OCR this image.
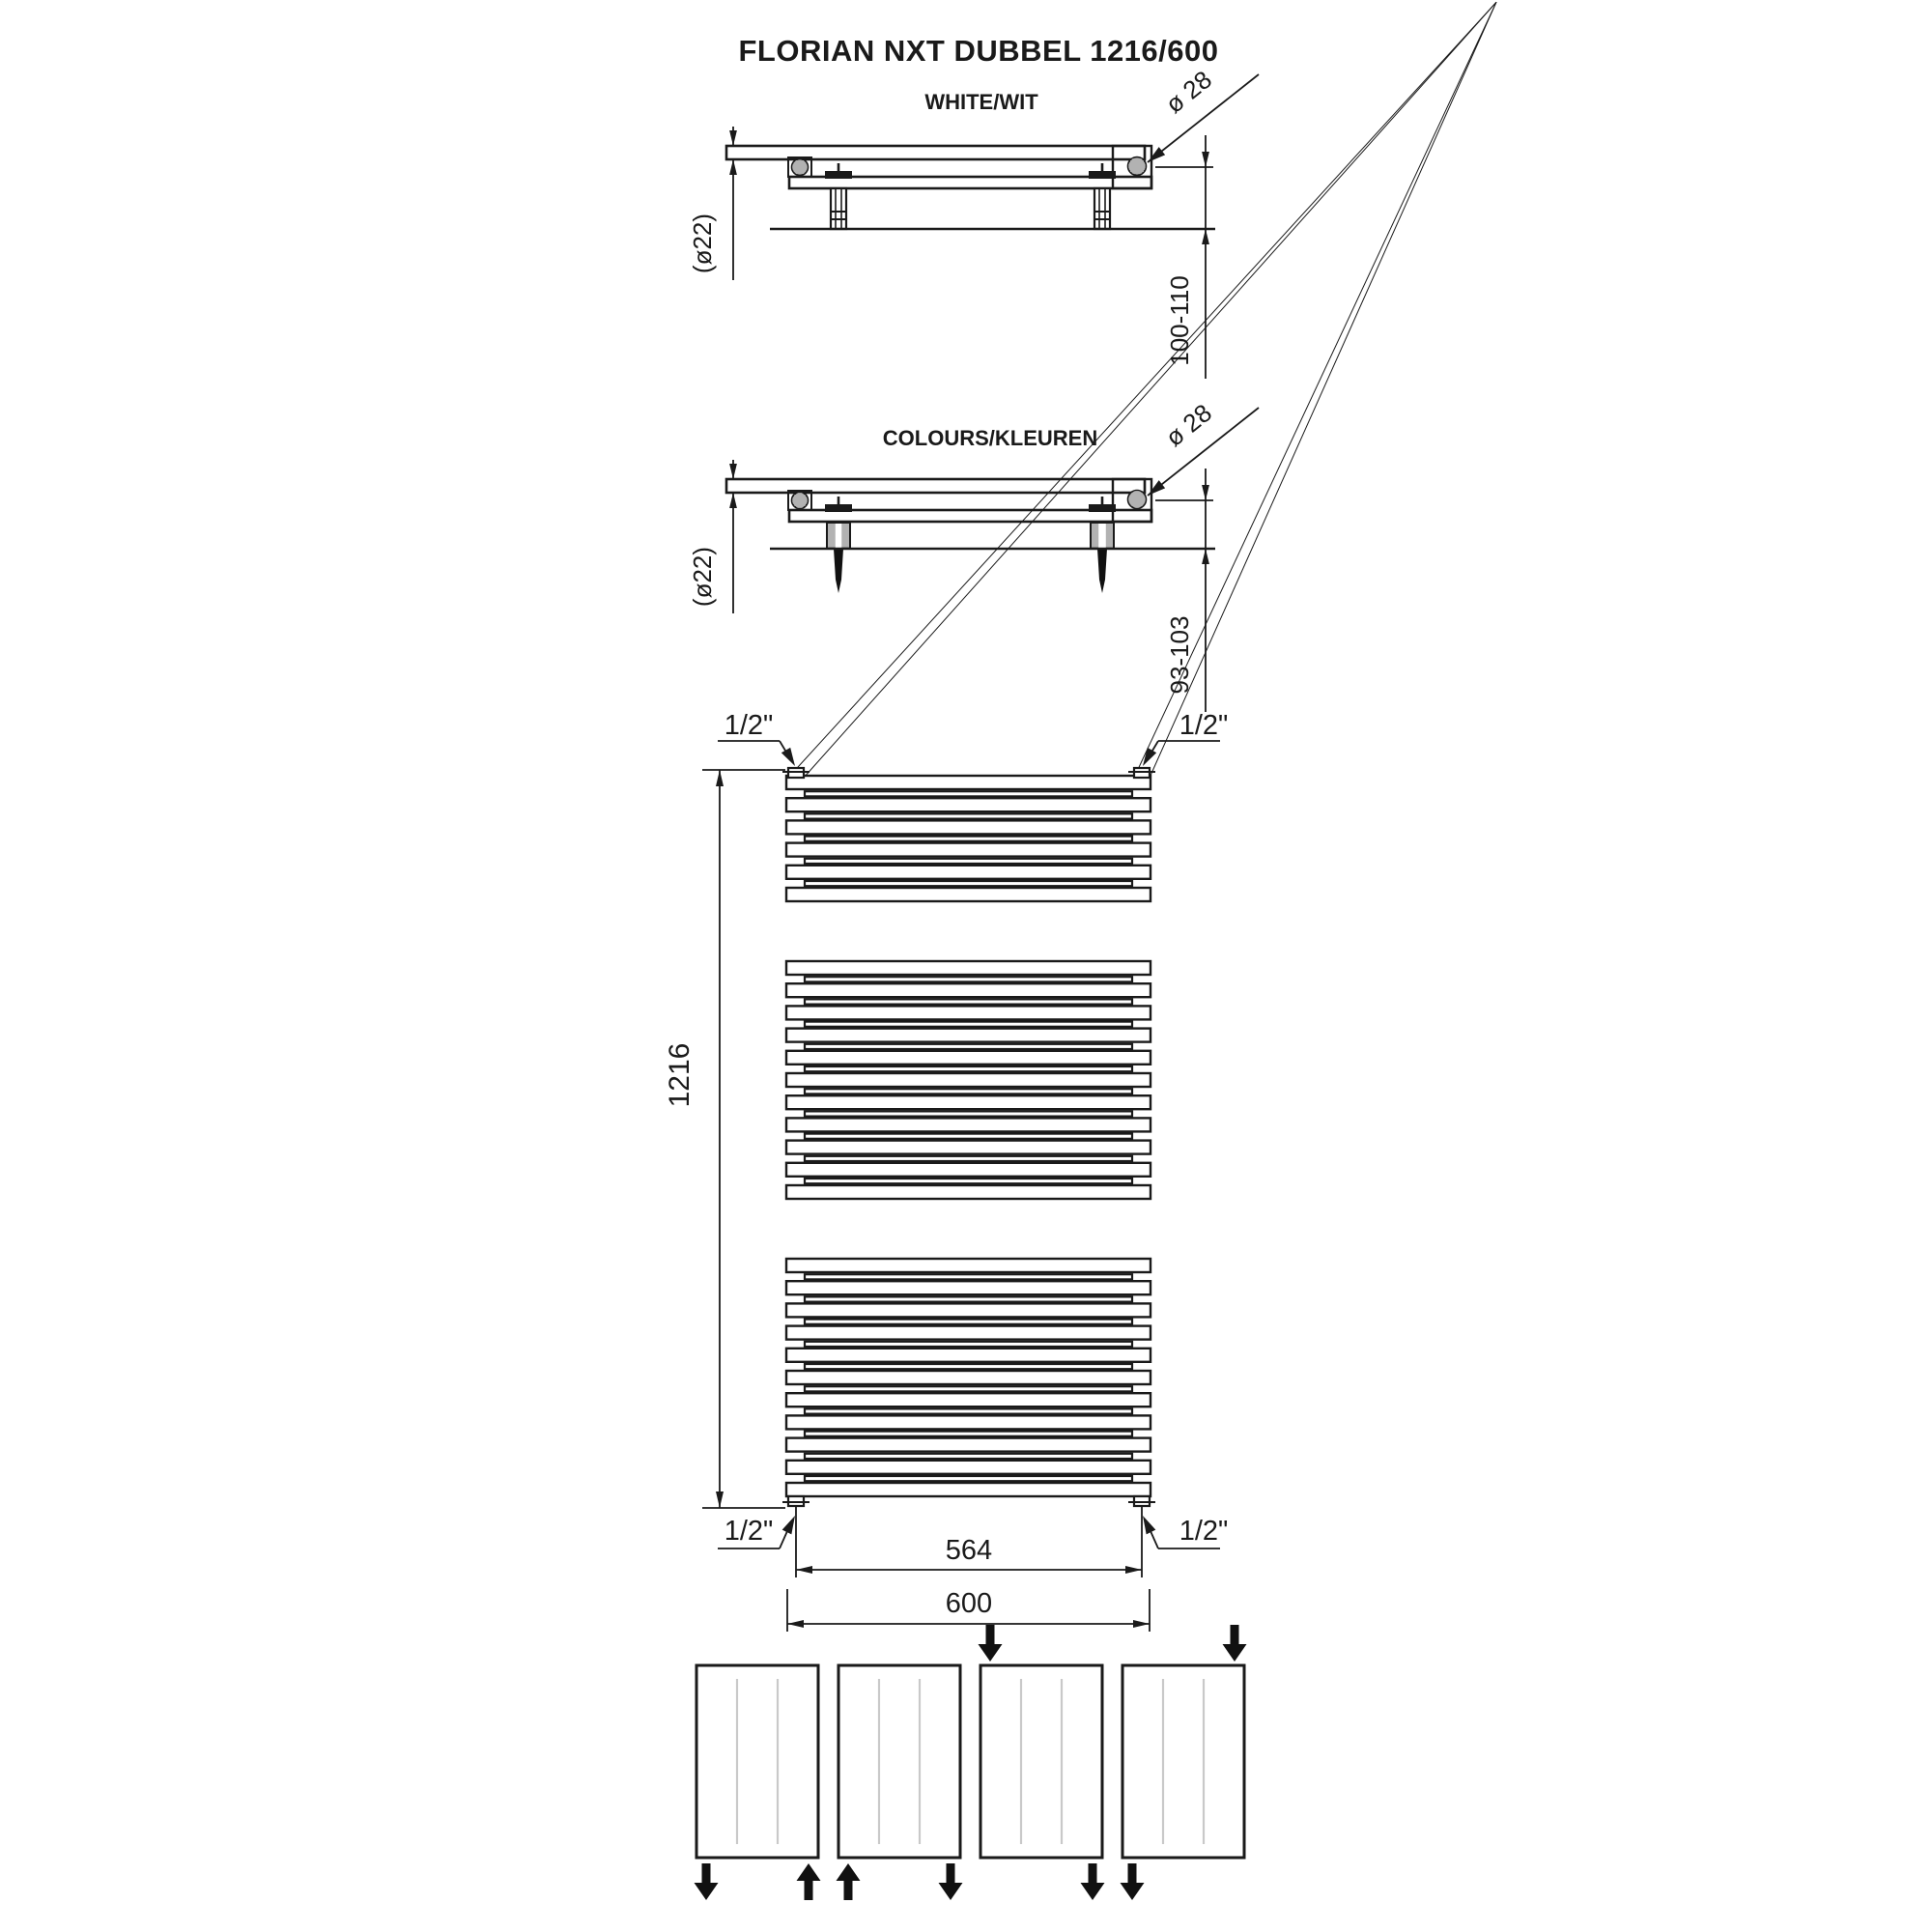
FLORIAN NXT DUBBEL 1216/600
WHITE/WIT
(ø22)
ø 28
100-110
COLOURS/KLEUREN
(ø22)
ø 28
93-103
1216
1/2"	1/2"
1/2"	1/2"
564
600
